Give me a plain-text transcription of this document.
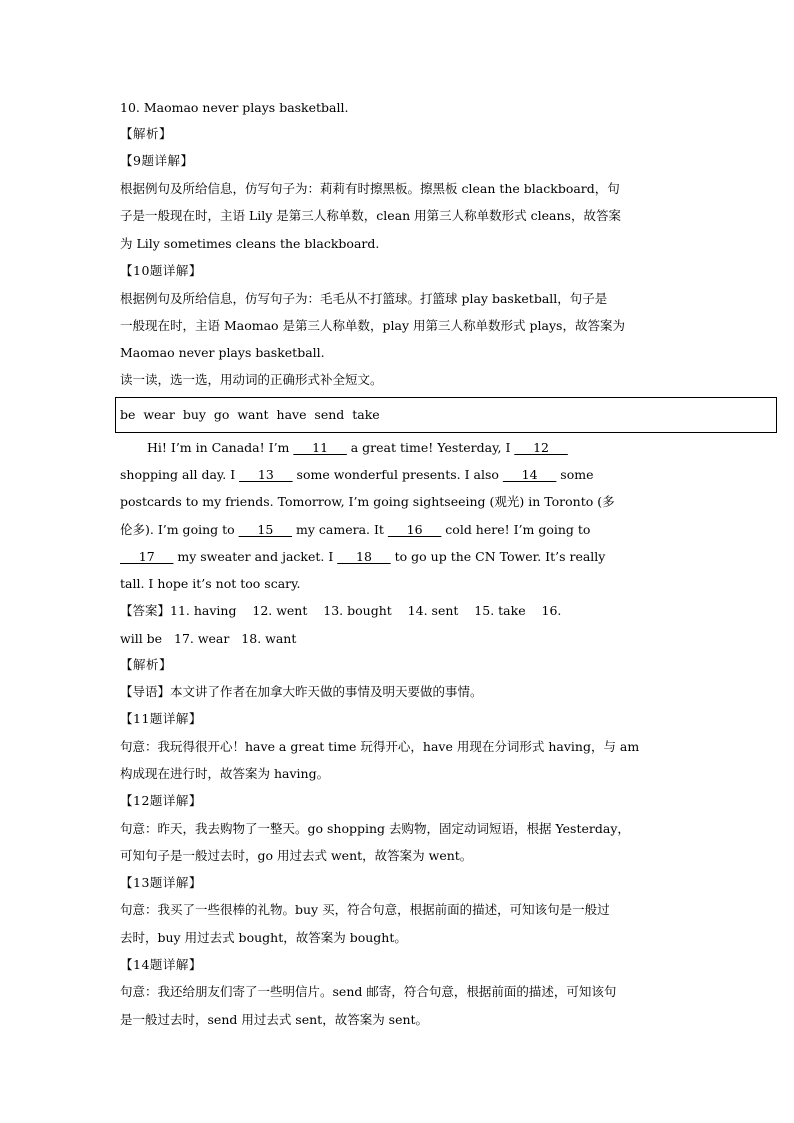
10. Maomao never plays basketball.
【解析】
【9题详解】
根据例句及所给信息，仿写句子为：莉莉有时擦黑板。擦黑板 clean the blackboard，句
子是一般现在时，主语 Lily 是第三人称单数，clean 用第三人称单数形式 cleans，故答案
为 Lily sometimes cleans the blackboard.
【10题详解】
根据例句及所给信息，仿写句子为：毛毛从不打篮球。打篮球 play basketball，句子是
一般现在时，主语 Maomao 是第三人称单数，play 用第三人称单数形式 plays，故答案为
Maomao never plays basketball.
读一读，选一选，用动词的正确形式补全短文。
be  wear  buy  go  want  have  send  take
Hi! I’m in Canada! I’m ___11___ a great time! Yesterday, I ___12___
shopping all day. I ___13___ some wonderful presents. I also ___14___ some
postcards to my friends. Tomorrow, I’m going sightseeing (观光) in Toronto (多
伦多). I’m going to ___15___ my camera. It ___16___ cold here! I’m going to
___17___ my sweater and jacket. I ___18___ to go up the CN Tower. It’s really
tall. I hope it’s not too scary.
【答案】11. having    12. went    13. bought    14. sent    15. take    16.
will be   17. wear   18. want
【解析】
【导语】本文讲了作者在加拿大昨天做的事情及明天要做的事情。
【11题详解】
句意：我玩得很开心！have a great time 玩得开心，have 用现在分词形式 having，与 am
构成现在进行时，故答案为 having。
【12题详解】
句意：昨天，我去购物了一整天。go shopping 去购物，固定动词短语，根据 Yesterday，
可知句子是一般过去时，go 用过去式 went，故答案为 went。
【13题详解】
句意：我买了一些很棒的礼物。buy 买，符合句意，根据前面的描述，可知该句是一般过
去时，buy 用过去式 bought，故答案为 bought。
【14题详解】
句意：我还给朋友们寄了一些明信片。send 邮寄，符合句意，根据前面的描述，可知该句
是一般过去时，send 用过去式 sent，故答案为 sent。
